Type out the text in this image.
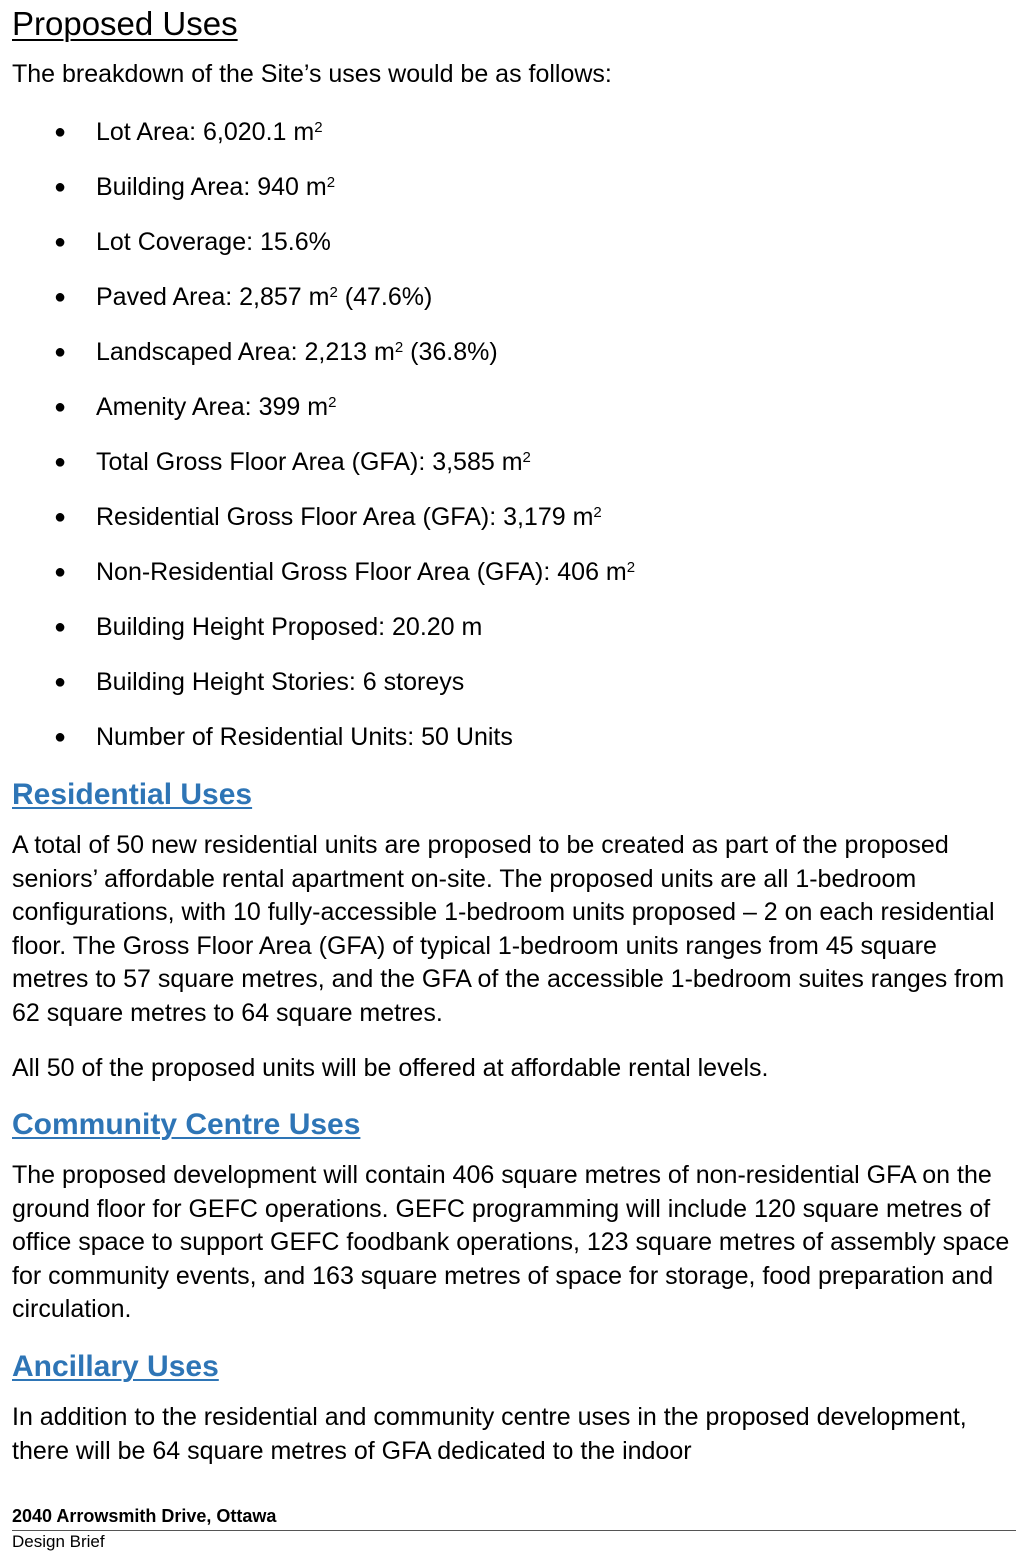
Proposed Uses

The breakdown of the Site’s uses would be as follows:

● Lot Area: 6,020.1 $m^2$
● Building Area: 940 $m^2$
● Lot Coverage: 15.6%
● Paved Area: 2,857 $m^2$ (47.6%)
● Landscaped Area: 2,213 $m^2$ (36.8%)
● Amenity Area: 399 $m^2$
● Total Gross Floor Area (GFA): 3,585 $m^2$
● Residential Gross Floor Area (GFA): 3,179 $m^2$
● Non-Residential Gross Floor Area (GFA): 406 $m^2$
● Building Height Proposed: 20.20 m
● Building Height Stories: 6 storeys
● Number of Residential Units: 50 Units
Residential Uses

A total of 50 new residential units are proposed to be created as part of the proposed seniors’ affordable rental apartment on-site. The proposed units are all 1-bedroom configurations, with 10 fully-accessible 1-bedroom units proposed – 2 on each residential floor. The Gross Floor Area (GFA) of typical 1-bedroom units ranges from 45 square metres to 57 square metres, and the GFA of the accessible 1-bedroom suites ranges from 62 square metres to 64 square metres.

All 50 of the proposed units will be offered at affordable rental levels.

Community Centre Uses

The proposed development will contain 406 square metres of non-residential GFA on the ground floor for GEFC operations. GEFC programming will include 120 square metres of office space to support GEFC foodbank operations, 123 square metres of assembly space for community events, and 163 square metres of space for storage, food preparation and circulation.

Ancillary Uses

In addition to the residential and community centre uses in the proposed development, there will be 64 square metres of GFA dedicated to the indoor

2040 Arrowsmith Drive, Ottawa
Design Brief
